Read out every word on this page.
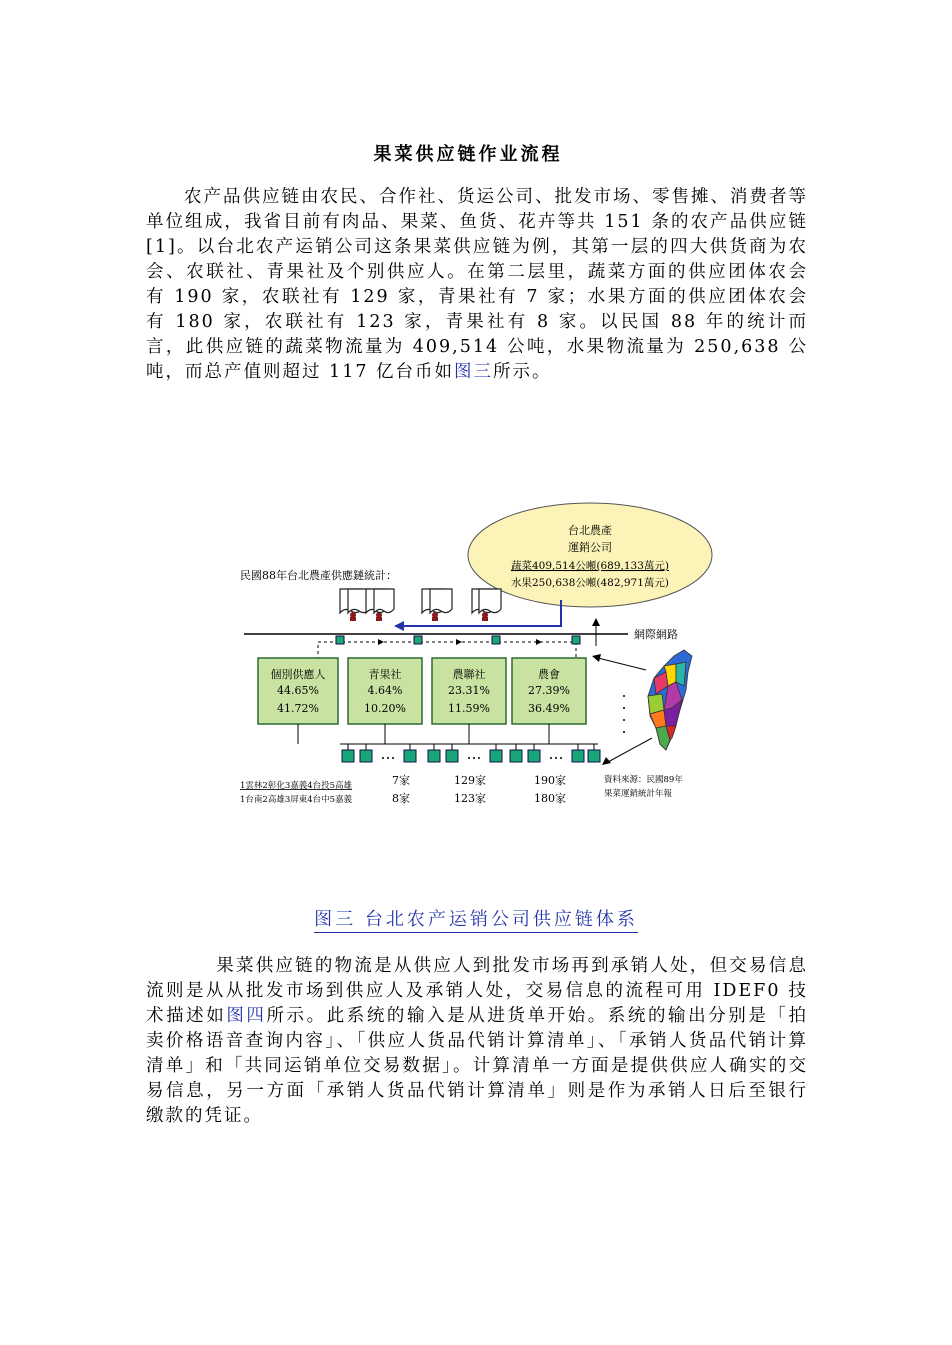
果菜供应链作业流程

农产品供应链由农民、合作社、货运公司、批发市场、零售摊、消费者等单位组成，我省目前有肉品、果菜、鱼货、花卉等共 151 条的农产品供应链[1]。以台北农产运销公司这条果菜供应链为例，其第一层的四大供货商为农会、农联社、青果社及个别供应人。在第二层里，蔬菜方面的供应团体农会有 190 家，农联社有 129 家，青果社有 7 家；水果方面的供应团体农会有 180 家，农联社有 123 家，青果社有 8 家。以民国 88 年的统计而言，此供应链的蔬菜物流量为 409,514 公吨，水果物流量为 250,638 公吨，而总产值则超过 117 亿台币如图三所示。

台北農產
運銷公司
蔬菜409,514公噸(689,133萬元)
水果250,638公噸(482,971萬元)
民國88年台北農產供應鏈統計：
網際網路
個別供應人
44.65%
41.72%
青果社
4.64%
10.20%
農聯社
23.31%
11.59%
農會
27.39%
36.49%
1雲林2彰化3嘉義4台投5高雄
1台南2高雄3屏東4台中5嘉義
7家
8家
129家
123家
190家
180家
資料來源：民國89年
果菜運銷統計年報
图三 台北农产运销公司供应链体系

果菜供应链的物流是从供应人到批发市场再到承销人处，但交易信息流则是从从批发市场到供应人及承销人处，交易信息的流程可用 IDEF0 技术描述如图四所示。此系统的输入是从进货单开始。系统的输出分别是「拍卖价格语音查询内容」、「供应人货品代销计算清单」、「承销人货品代销计算清单」和「共同运销单位交易数据」。计算清单一方面是提供供应人确实的交易信息，另一方面「承销人货品代销计算清单」则是作为承销人日后至银行缴款的凭证。
